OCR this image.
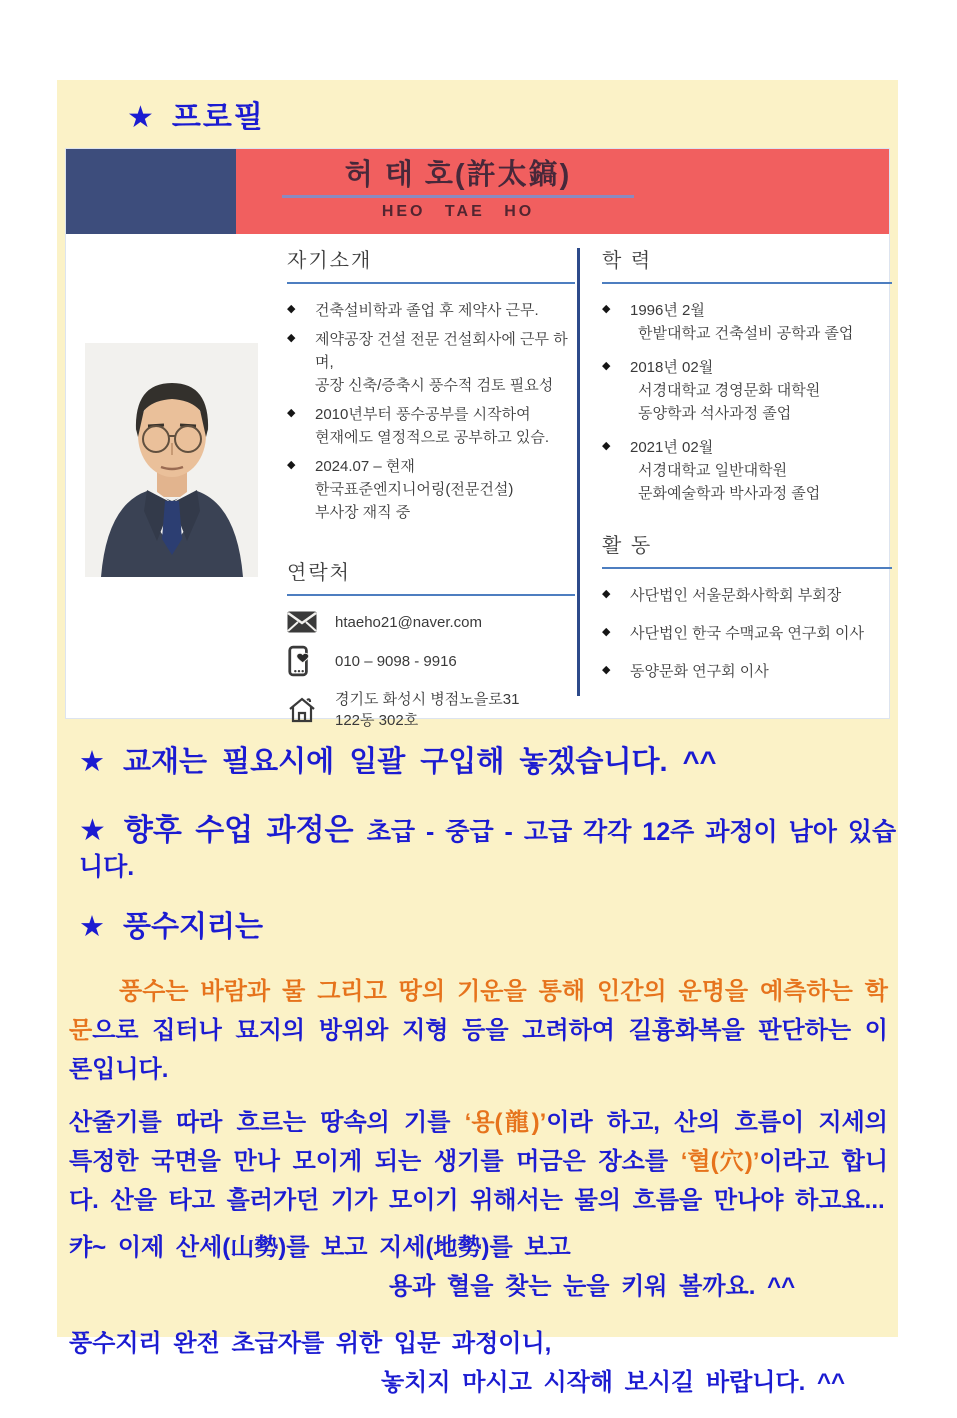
★ 프로필
허 태 호(許太鎬)
HEO TAE HO
자기소개
◆	건축설비학과 졸업 후 제약사 근무.
◆	제약공장 건설 전문 건설회사에 근무 하며,
공장 신축/증축시 풍수적 검토 필요성
◆	2010년부터 풍수공부를 시작하여
현재에도 열정적으로 공부하고 있슴.
◆	2024.07 – 현재
한국표준엔지니어링(전문건설)
부사장 재직 중
연락처
htaeho21@naver.com
010 – 9098 - 9916
경기도 화성시 병점노을로31
122동 302호
학 력
◆	1996년 2월
한밭대학교 건축설비 공학과 졸업
◆	2018년 02월
서경대학교 경영문화 대학원
동양학과 석사과정 졸업
◆	2021년 02월
서경대학교 일반대학원
문화예술학과 박사과정 졸업
활 동
◆	사단법인 서울문화사학회 부회장
◆	사단법인 한국 수맥교육 연구회 이사
◆	동양문화 연구회 이사
★ 교재는 필요시에 일괄 구입해 놓겠습니다. ^^
★ 향후 수업 과정은 초급 - 중급 - 고급 각각 12주 과정이 남아 있습니다.
★ 풍수지리는
풍수는 바람과 물 그리고 땅의 기운을 통해 인간의 운명을 예측하는 학문으로 집터나 묘지의 방위와 지형 등을 고려하여 길흉화복을 판단하는 이론입니다.
산줄기를 따라 흐르는 땅속의 기를 ‘용(龍)’이라 하고, 산의 흐름이 지세의 특정한 국면을 만나 모이게 되는 생기를 머금은 장소를 ‘혈(穴)’이라고 합니다. 산을 타고 흘러가던 기가 모이기 위해서는 물의 흐름을 만나야 하고요...
캬~ 이제 산세(山勢)를 보고 지세(地勢)를 보고
용과 혈을 찾는 눈을 키워 볼까요. ^^
풍수지리 완전 초급자를 위한 입문 과정이니,
놓치지 마시고 시작해 보시길 바랍니다. ^^
